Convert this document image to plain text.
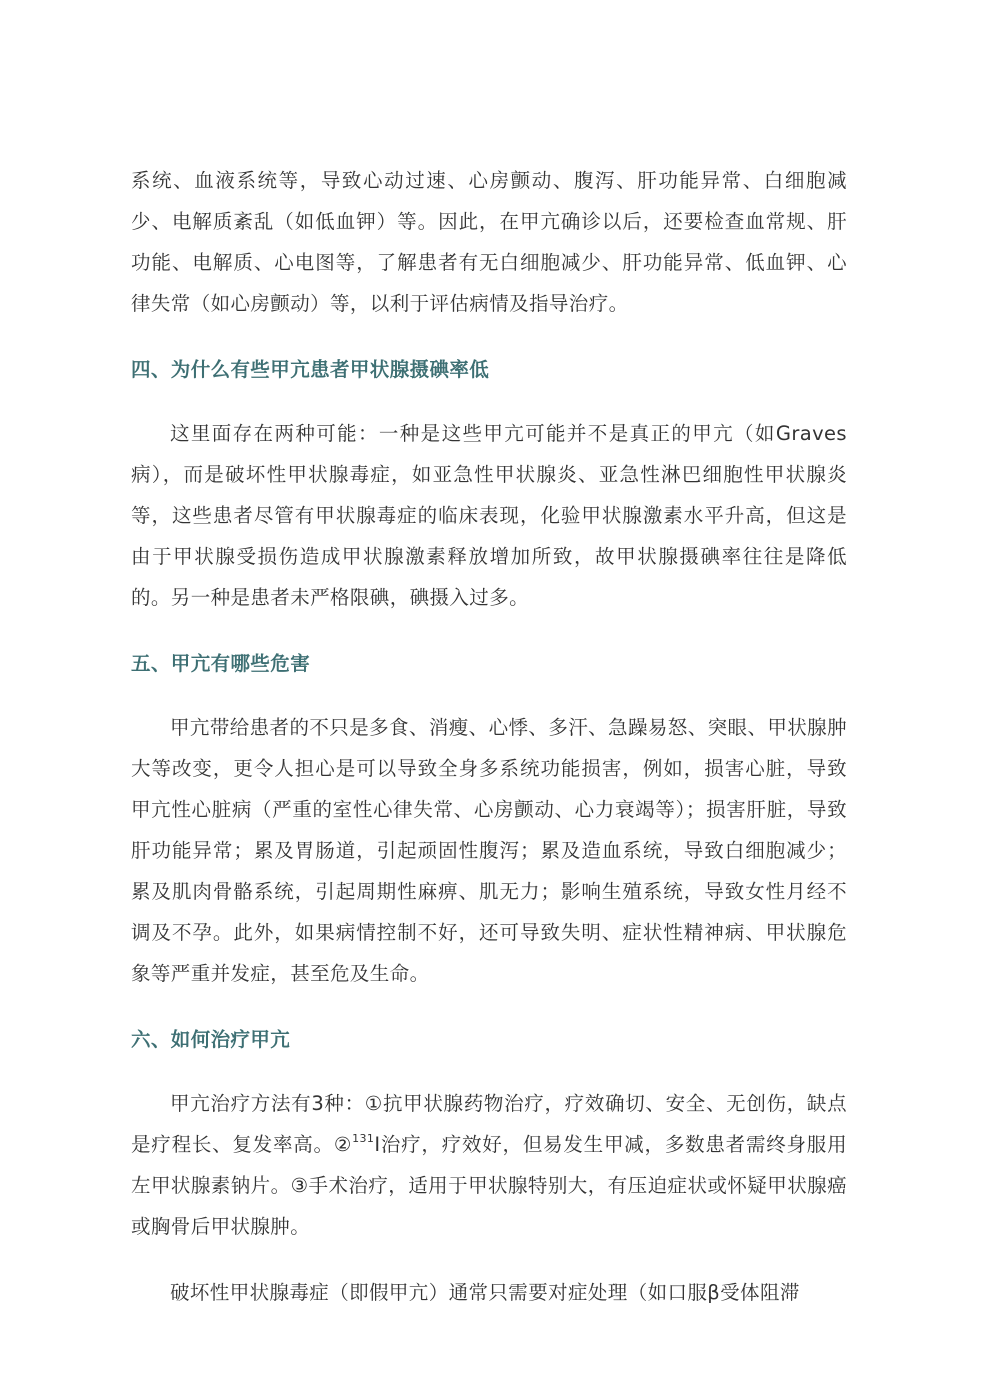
系统、血液系统等，导致心动过速、心房颤动、腹泻、肝功能异常、白细胞减少、电解质紊乱（如低血钾）等。因此，在甲亢确诊以后，还要检查血常规、肝功能、电解质、心电图等，了解患者有无白细胞减少、肝功能异常、低血钾、心律失常（如心房颤动）等，以利于评估病情及指导治疗。

四、为什么有些甲亢患者甲状腺摄碘率低

这里面存在两种可能：一种是这些甲亢可能并不是真正的甲亢（如Graves病），而是破坏性甲状腺毒症，如亚急性甲状腺炎、亚急性淋巴细胞性甲状腺炎等，这些患者尽管有甲状腺毒症的临床表现，化验甲状腺激素水平升高，但这是由于甲状腺受损伤造成甲状腺激素释放增加所致，故甲状腺摄碘率往往是降低的。另一种是患者未严格限碘，碘摄入过多。

五、甲亢有哪些危害

甲亢带给患者的不只是多食、消瘦、心悸、多汗、急躁易怒、突眼、甲状腺肿大等改变，更令人担心是可以导致全身多系统功能损害，例如，损害心脏，导致甲亢性心脏病（严重的室性心律失常、心房颤动、心力衰竭等）；损害肝脏，导致肝功能异常；累及胃肠道，引起顽固性腹泻；累及造血系统，导致白细胞减少；累及肌肉骨骼系统，引起周期性麻痹、肌无力；影响生殖系统，导致女性月经不调及不孕。此外，如果病情控制不好，还可导致失明、症状性精神病、甲状腺危象等严重并发症，甚至危及生命。

六、如何治疗甲亢

甲亢治疗方法有3种：①抗甲状腺药物治疗，疗效确切、安全、无创伤，缺点是疗程长、复发率高。②$^{131}$I治疗，疗效好，但易发生甲减，多数患者需终身服用左甲状腺素钠片。③手术治疗，适用于甲状腺特别大，有压迫症状或怀疑甲状腺癌或胸骨后甲状腺肿。

破坏性甲状腺毒症（即假甲亢）通常只需要对症处理（如口服β受体阻滞
